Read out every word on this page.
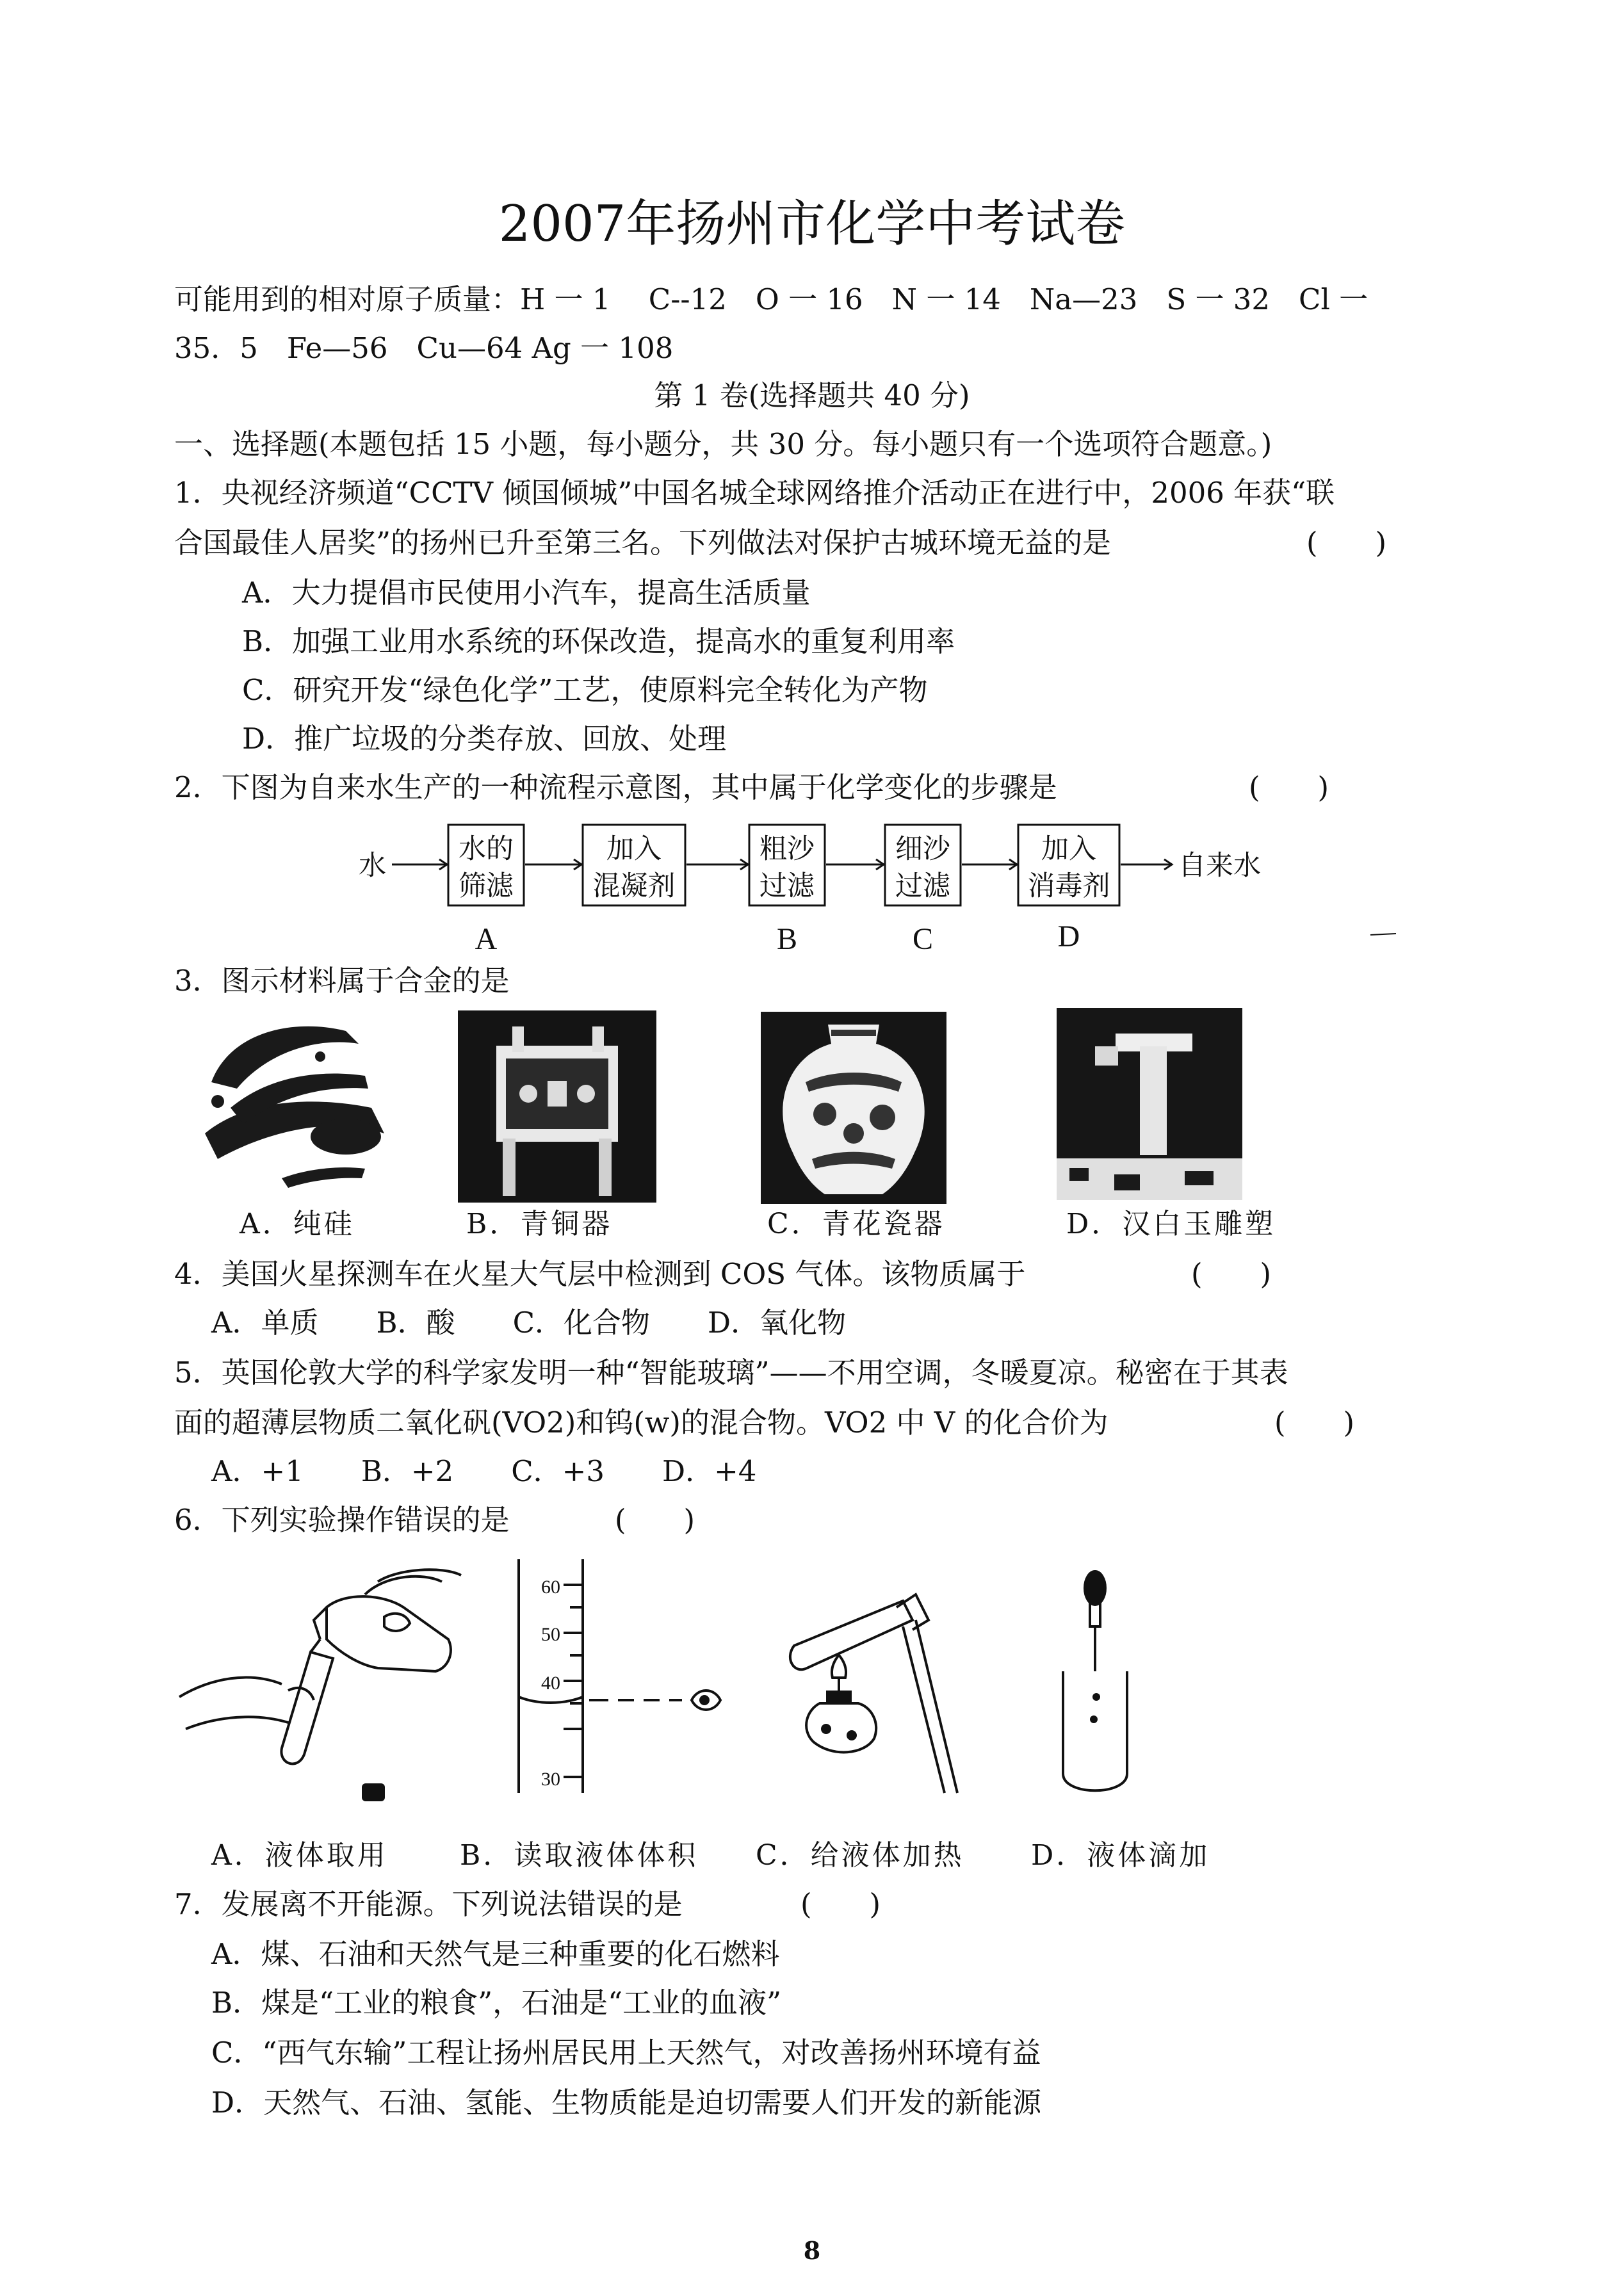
2007年扬州市化学中考试卷
可能用到的相对原子质量：H 一 1　 C--12　O 一 16　N 一 14　Na—23　S 一 32　Cl 一
35．5　Fe—56　Cu—64 Ag 一 108
第 1 卷(选择题共 40 分)
一、选择题(本题包括 15 小题，每小题分，共 30 分。每小题只有一个选项符合题意。)
1．央视经济频道“CCTV 倾国倾城”中国名城全球网络推介活动正在进行中，2006 年获“联
合国最佳人居奖”的扬州已升至第三名。下列做法对保护古城环境无益的是	(　　)
A．大力提倡市民使用小汽车，提高生活质量
B．加强工业用水系统的环保改造，提高水的重复利用率
C．研究开发“绿色化学”工艺，使原料完全转化为产物
D．推广垃圾的分类存放、回放、处理
2．下图为自来水生产的一种流程示意图，其中属于化学变化的步骤是	(　　)
水	自来水
水的
筛滤
加入
混凝剂
粗沙
过滤
细沙
过滤
加入
消毒剂
A	B	C	D
3．图示材料属于合金的是
A．纯硅	B．青铜器	C．青花瓷器	D．汉白玉雕塑
4．美国火星探测车在火星大气层中检测到 COS 气体。该物质属于	(　　)
A．单质　　B．酸　　C．化合物　　D．氧化物
5．英国伦敦大学的科学家发明一种“智能玻璃”——不用空调，冬暖夏凉。秘密在于其表
面的超薄层物质二氧化矾(VO2)和钨(w)的混合物。VO2 中 V 的化合价为	(　　)
A．+1　　B．+2　　C．+3　　D．+4
6．下列实验操作错误的是	(　　)
60
50
40
30
A．液体取用	B．读取液体体积 C．给液体加热 D．液体滴加
7．发展离不开能源。下列说法错误的是	(　　)
A．煤、石油和天然气是三种重要的化石燃料
B．煤是“工业的粮食”，石油是“工业的血液”
C．“西气东输”工程让扬州居民用上天然气，对改善扬州环境有益
D．天然气、石油、氢能、生物质能是迫切需要人们开发的新能源
8
